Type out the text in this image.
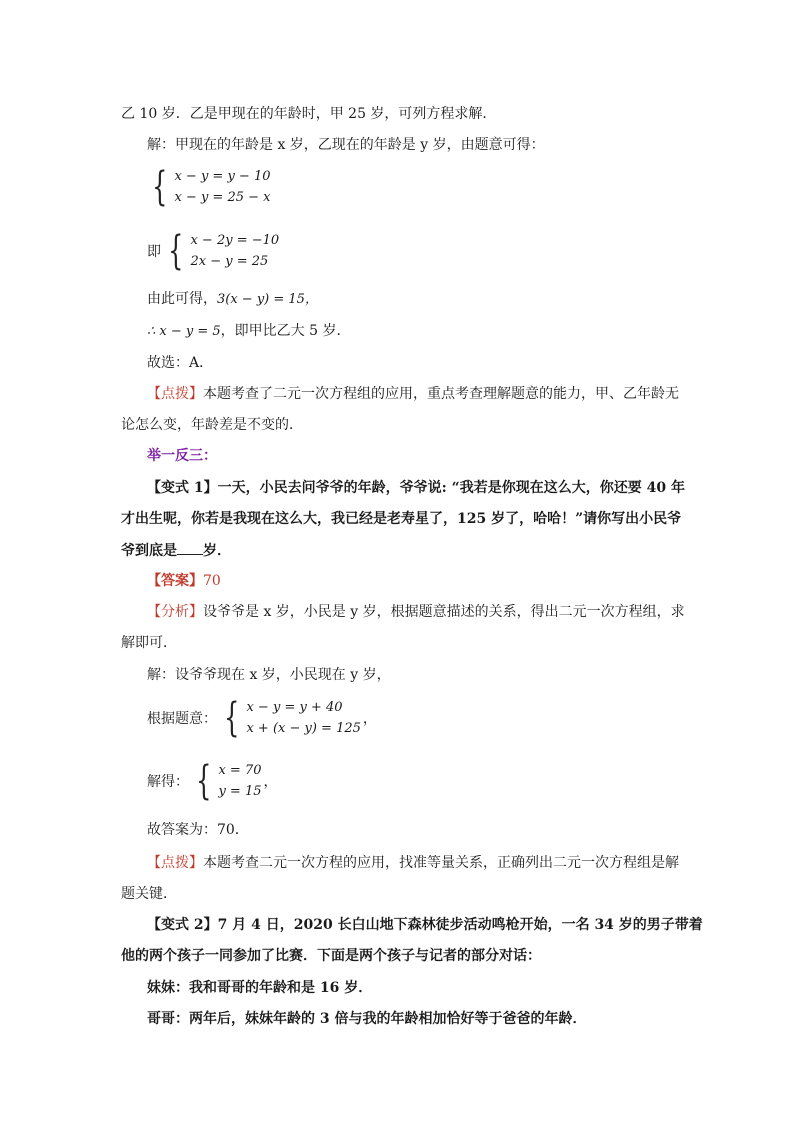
乙 10 岁．乙是甲现在的年龄时，甲 25 岁，可列方程求解．
解：甲现在的年龄是 x 岁，乙现在的年龄是 y 岁，由题意可得：
{ x − y = y − 10
x − y = 25 − x
即 { x − 2y = −10
2x − y = 25
由此可得，3(x − y) = 15，
∴ x − y = 5，即甲比乙大 5 岁．
故选：A．
【点拨】本题考查了二元一次方程组的应用，重点考查理解题意的能力，甲、乙年龄无
论怎么变，年龄差是不变的．
举一反三：
【变式 1】一天，小民去问爷爷的年龄，爷爷说: “我若是你现在这么大，你还要 40 年
才出生呢，你若是我现在这么大，我已经是老寿星了，125 岁了，哈哈！”请你写出小民爷
爷到底是 岁．
【答案】70
【分析】设爷爷是 x 岁，小民是 y 岁，根据题意描述的关系，得出二元一次方程组，求
解即可．
解：设爷爷现在 x 岁，小民现在 y 岁，
根据题意： { x − y = y + 40
x + (x − y) = 125
，
解得： { x = 70
y = 15
，
故答案为：70．
【点拨】本题考查二元一次方程的应用，找准等量关系，正确列出二元一次方程组是解
题关键．
【变式 2】7 月 4 日，2020 长白山地下森林徒步活动鸣枪开始，一名 34 岁的男子带着
他的两个孩子一同参加了比赛．下面是两个孩子与记者的部分对话：
妹妹：我和哥哥的年龄和是 16 岁．
哥哥：两年后，妹妹年龄的 3 倍与我的年龄相加恰好等于爸爸的年龄．
